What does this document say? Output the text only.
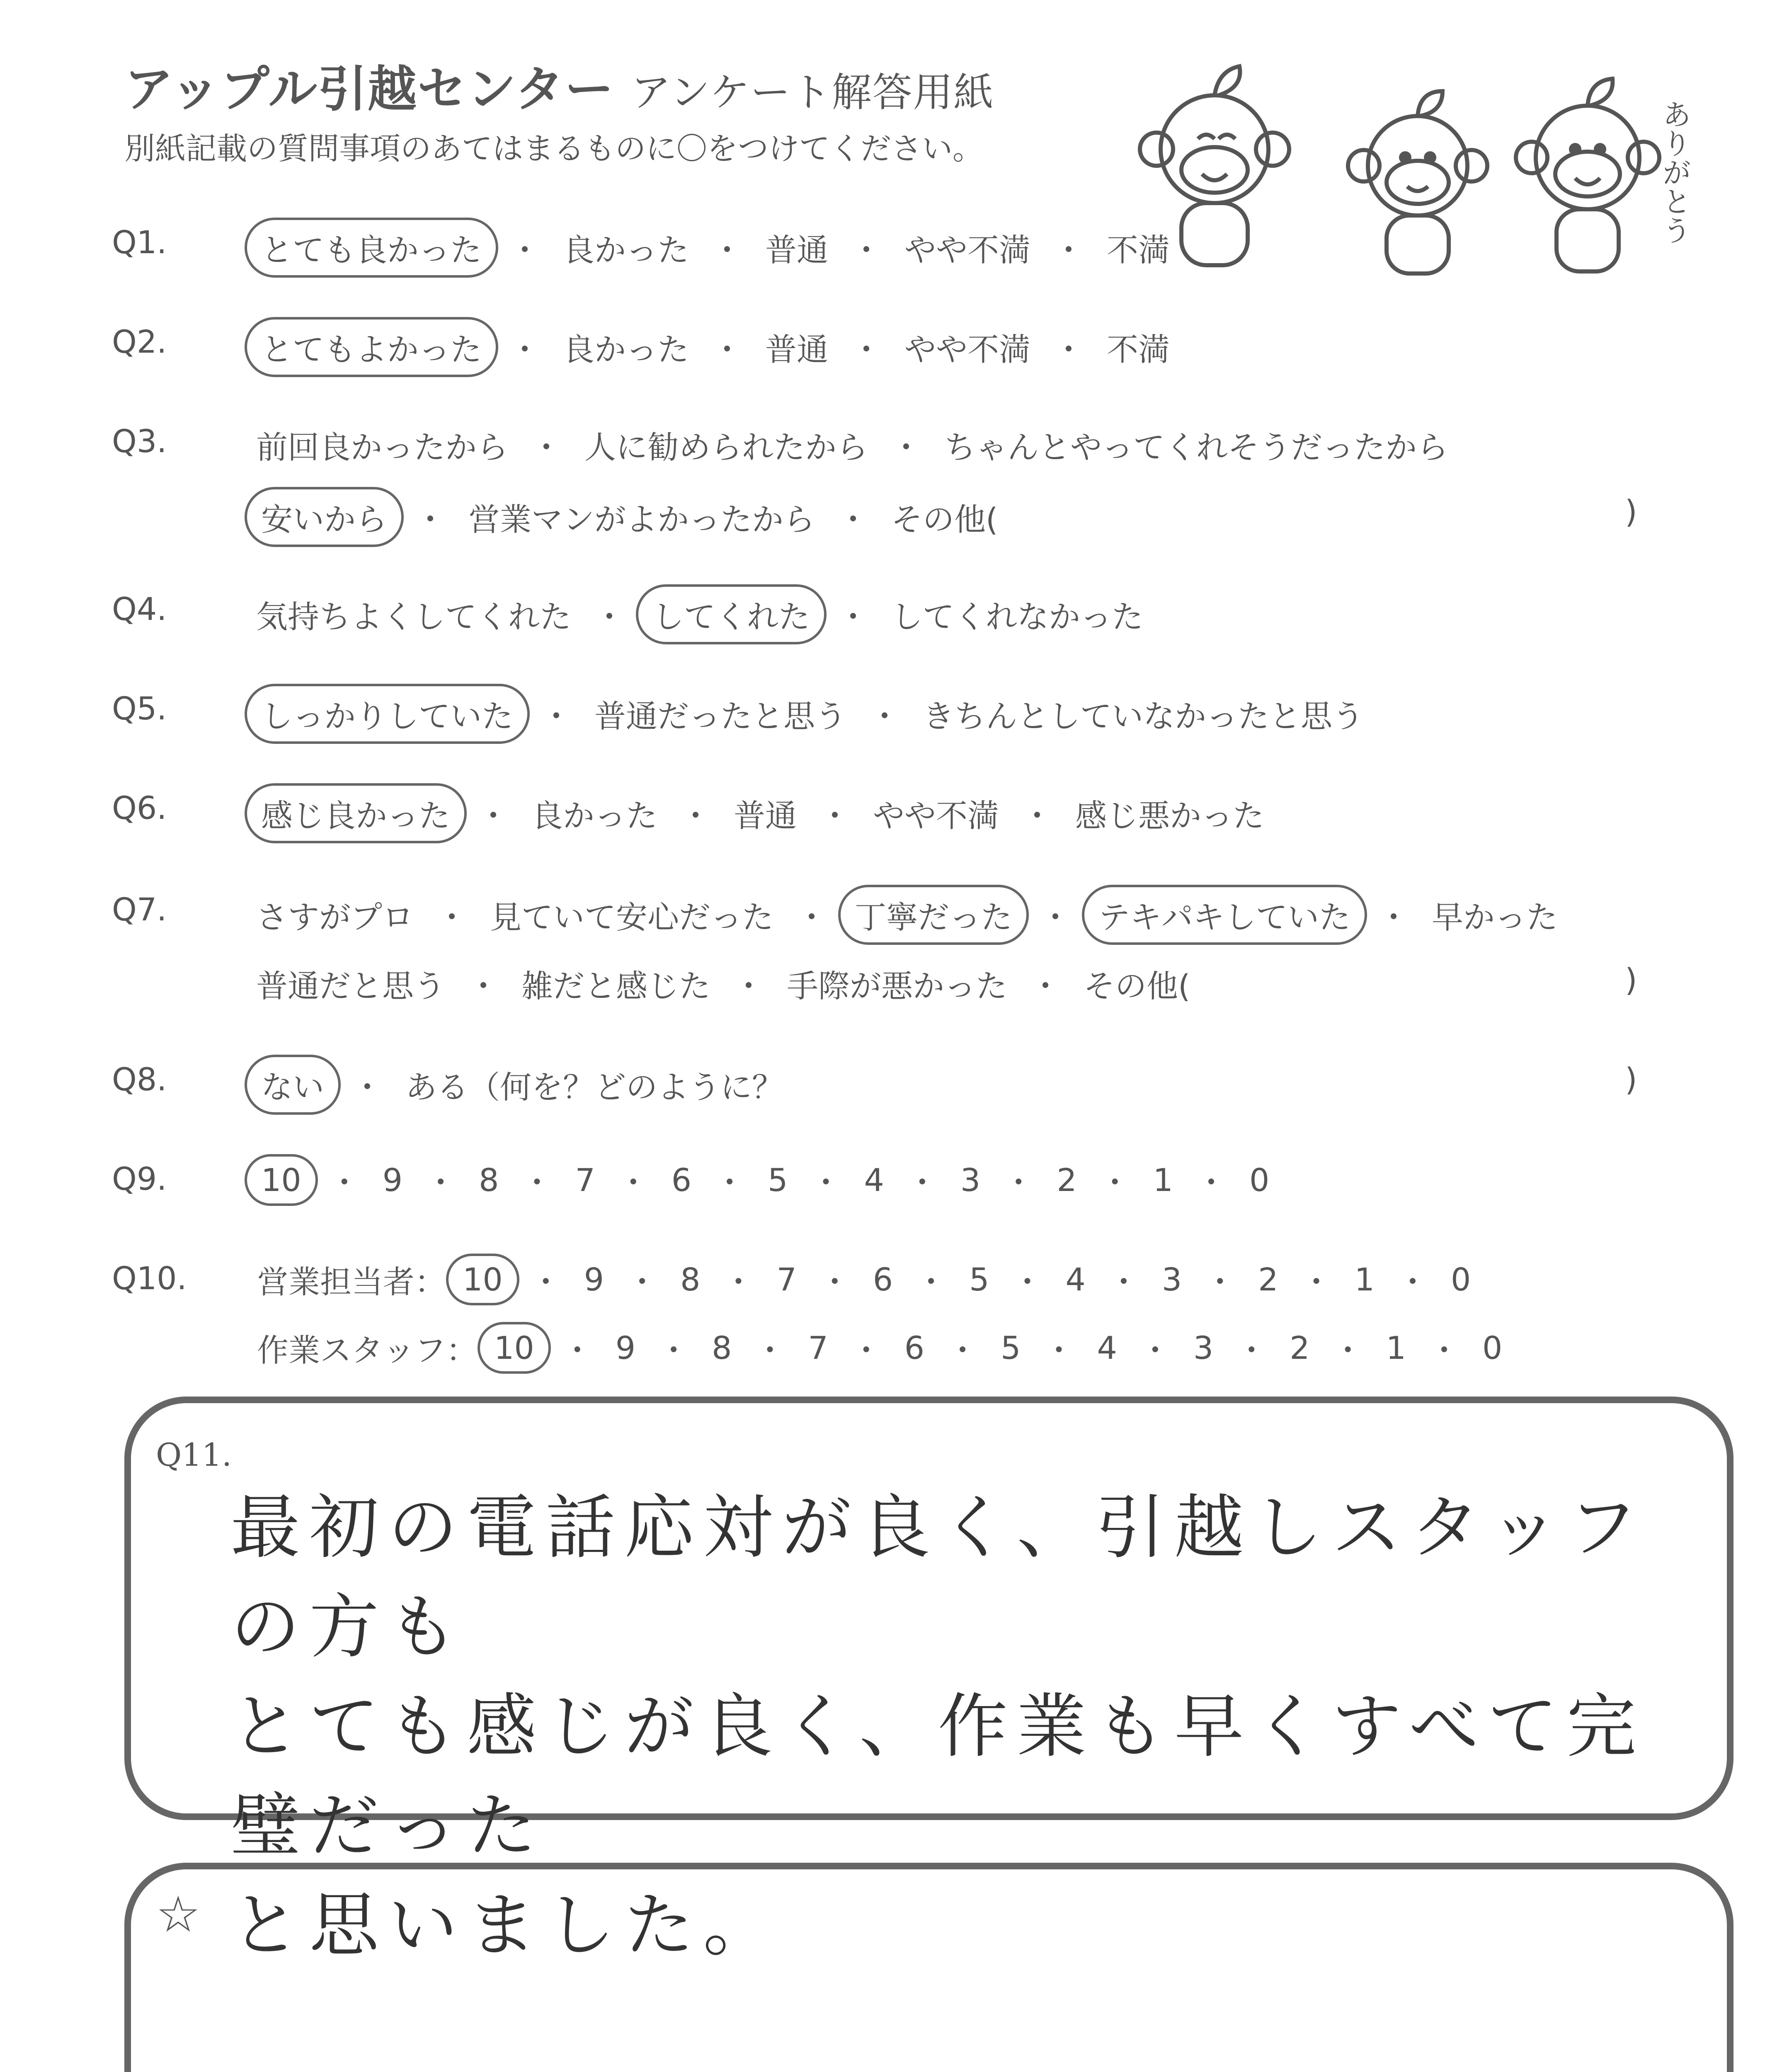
アップル引越センター アンケート解答用紙
別紙記載の質問事項のあてはまるものに〇をつけてください。	ありがとう
Q1.	とても良かった ・ 良かった ・ 普通 ・ やや不満 ・ 不満
Q2.	とてもよかった ・ 良かった ・ 普通 ・ やや不満 ・ 不満
Q3.	前回良かったから ・ 人に勧められたから ・ ちゃんとやってくれそうだったから
安いから ・ 営業マンがよかったから ・ その他(	)
Q4.	気持ちよくしてくれた ・ してくれた ・ してくれなかった
Q5.	しっかりしていた ・ 普通だったと思う ・ きちんとしていなかったと思う
Q6.	感じ良かった ・ 良かった ・ 普通 ・ やや不満 ・ 感じ悪かった
Q7.	さすがプロ ・ 見ていて安心だった ・ 丁寧だった ・ テキパキしていた ・ 早かった
普通だと思う ・ 雑だと感じた ・ 手際が悪かった ・ その他(	)
Q8.	ない ・ ある（何を？どのように？	)
Q9.	10 ・ 9 ・ 8 ・ 7 ・ 6 ・ 5 ・ 4 ・ 3 ・ 2 ・ 1 ・ 0
Q10. 営業担当者 ： 10 ・ 9 ・ 8 ・ 7 ・ 6 ・ 5 ・ 4 ・ 3 ・ 2 ・ 1 ・ 0
作業スタッフ ： 10 ・ 9 ・ 8 ・ 7 ・ 6 ・ 5 ・ 4 ・ 3 ・ 2 ・ 1 ・ 0
Q11.
最初の電話応対が良く、引越しスタッフの方も
とても感じが良く、作業も早くすべて完璧だった
と思いました。
☆
